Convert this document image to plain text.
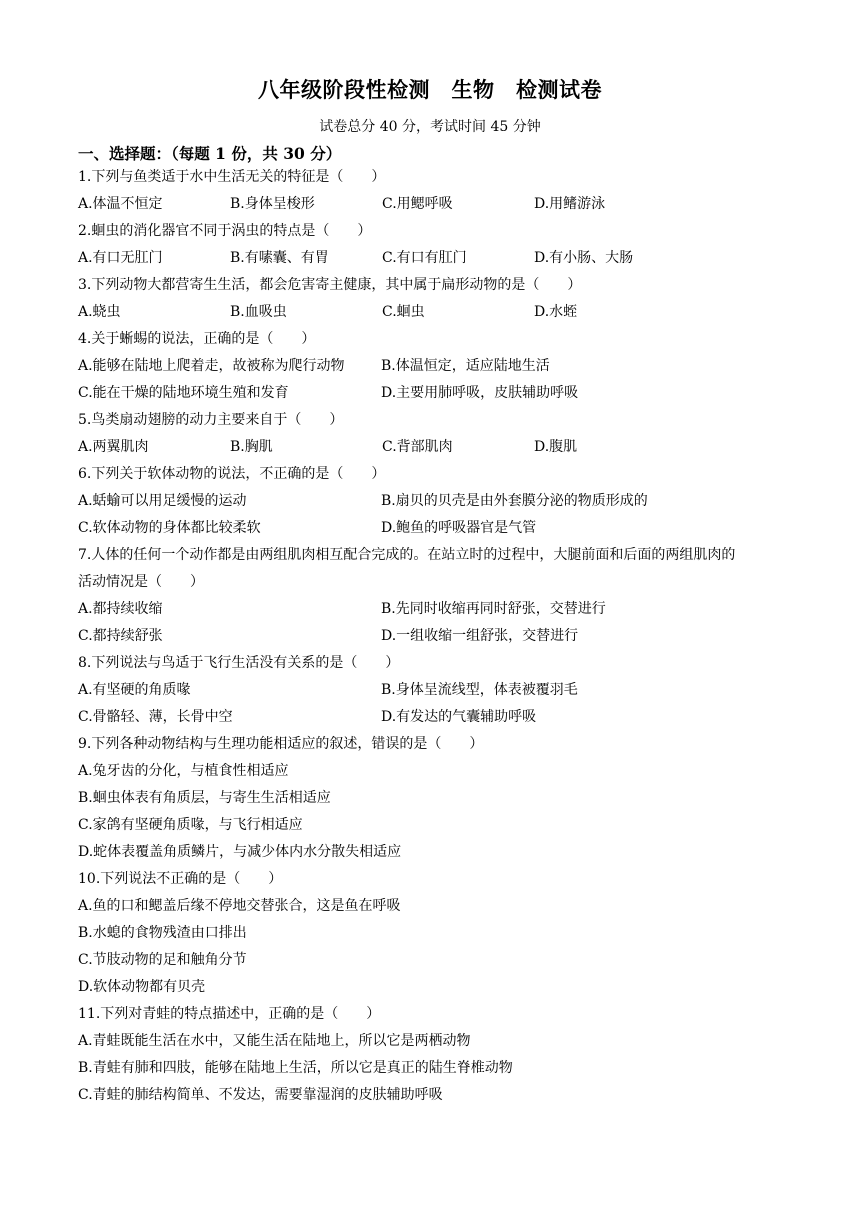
八年级阶段性检测　生物　检测试卷
试卷总分 40 分，考试时间 45 分钟
一、选择题：（每题 1 份，共 30 分）
1.下列与鱼类适于水中生活无关的特征是（　　）
A.体温不恒定	B.身体呈梭形	C.用鳃呼吸	D.用鳍游泳
2.蛔虫的消化器官不同于涡虫的特点是（　　）
A.有口无肛门	B.有嗉囊、有胃	C.有口有肛门	D.有小肠、大肠
3.下列动物大都营寄生生活，都会危害寄主健康，其中属于扁形动物的是（　　）
A.蛲虫	B.血吸虫	C.蛔虫	D.水蛭
4.关于蜥蜴的说法，正确的是（　　）
A.能够在陆地上爬着走，故被称为爬行动物	B.体温恒定，适应陆地生活
C.能在干燥的陆地环境生殖和发育	D.主要用肺呼吸，皮肤辅助呼吸
5.鸟类扇动翅膀的动力主要来自于（　　）
A.两翼肌肉	B.胸肌	C.背部肌肉	D.腹肌
6.下列关于软体动物的说法，不正确的是（　　）
A.蛞蝓可以用足缓慢的运动	B.扇贝的贝壳是由外套膜分泌的物质形成的
C.软体动物的身体都比较柔软	D.鲍鱼的呼吸器官是气管
7.人体的任何一个动作都是由两组肌肉相互配合完成的。在站立时的过程中，大腿前面和后面的两组肌肉的
活动情况是（　　）
A.都持续收缩	B.先同时收缩再同时舒张，交替进行
C.都持续舒张	D.一组收缩一组舒张，交替进行
8.下列说法与鸟适于飞行生活没有关系的是（　　）
A.有坚硬的角质喙	B.身体呈流线型，体表被覆羽毛
C.骨骼轻、薄，长骨中空	D.有发达的气囊辅助呼吸
9.下列各种动物结构与生理功能相适应的叙述，错误的是（　　）
A.兔牙齿的分化，与植食性相适应
B.蛔虫体表有角质层，与寄生生活相适应
C.家鸽有坚硬角质喙，与飞行相适应
D.蛇体表覆盖角质鳞片，与减少体内水分散失相适应
10.下列说法不正确的是（　　）
A.鱼的口和鳃盖后缘不停地交替张合，这是鱼在呼吸
B.水螅的食物残渣由口排出
C.节肢动物的足和触角分节
D.软体动物都有贝壳
11.下列对青蛙的特点描述中，正确的是（　　）
A.青蛙既能生活在水中，又能生活在陆地上，所以它是两栖动物
B.青蛙有肺和四肢，能够在陆地上生活，所以它是真正的陆生脊椎动物
C.青蛙的肺结构简单、不发达，需要靠湿润的皮肤辅助呼吸
